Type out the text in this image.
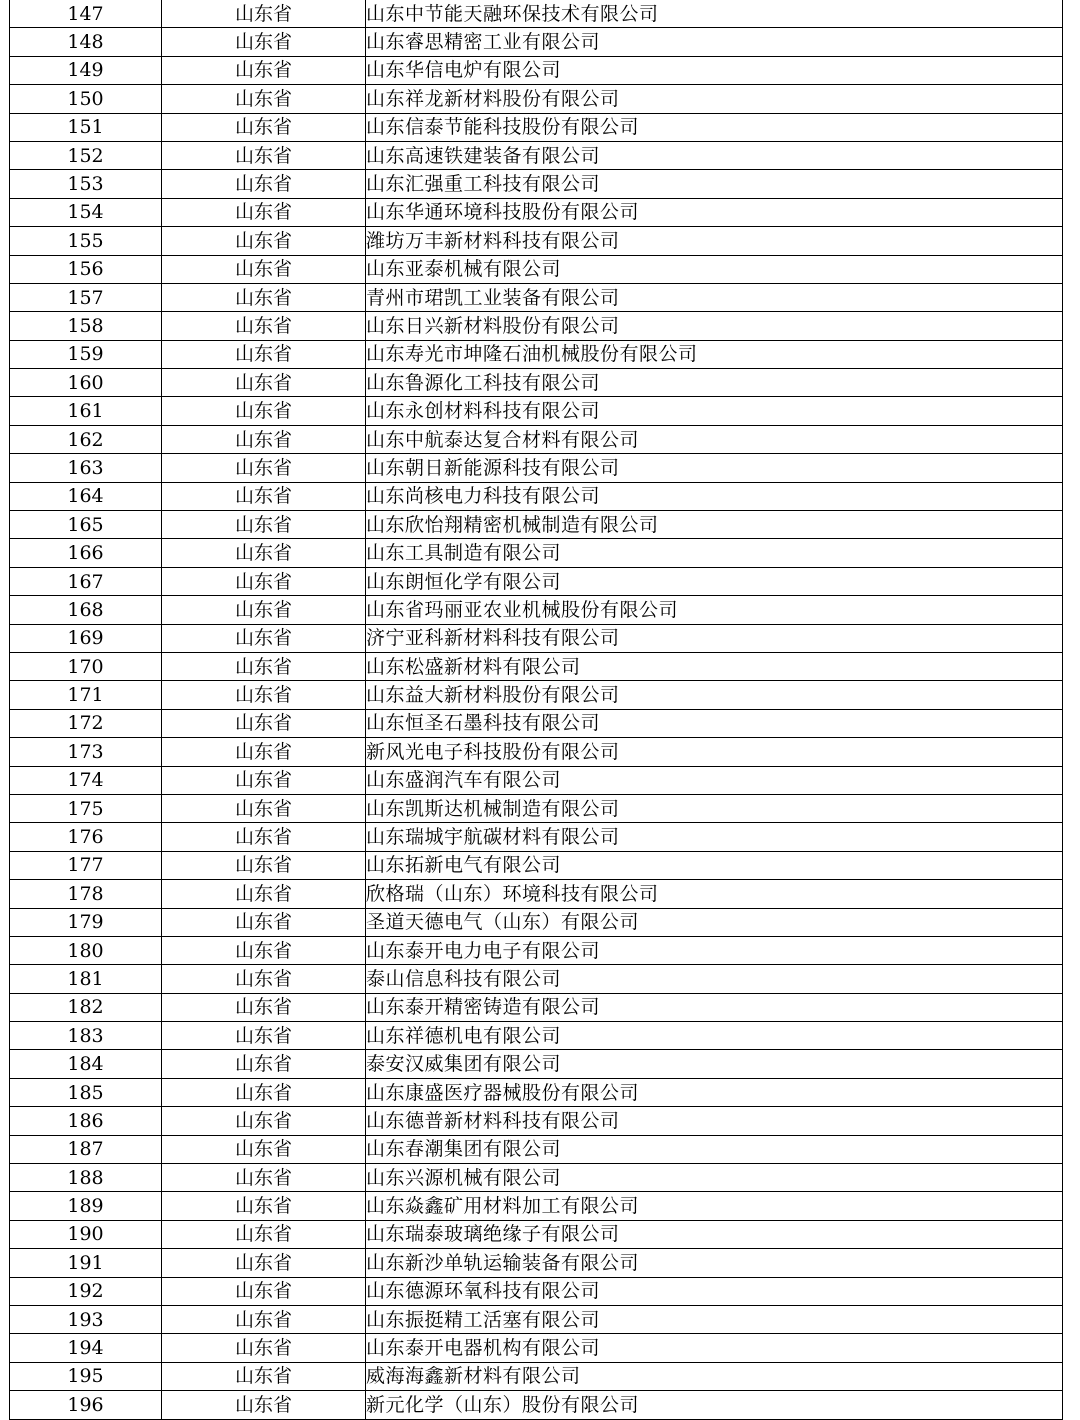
147	山东省	山东中节能天融环保技术有限公司
148	山东省	山东睿思精密工业有限公司
149	山东省	山东华信电炉有限公司
150	山东省	山东祥龙新材料股份有限公司
151	山东省	山东信泰节能科技股份有限公司
152	山东省	山东高速铁建装备有限公司
153	山东省	山东汇强重工科技有限公司
154	山东省	山东华通环境科技股份有限公司
155	山东省	潍坊万丰新材料科技有限公司
156	山东省	山东亚泰机械有限公司
157	山东省	青州市珺凯工业装备有限公司
158	山东省	山东日兴新材料股份有限公司
159	山东省	山东寿光市坤隆石油机械股份有限公司
160	山东省	山东鲁源化工科技有限公司
161	山东省	山东永创材料科技有限公司
162	山东省	山东中航泰达复合材料有限公司
163	山东省	山东朝日新能源科技有限公司
164	山东省	山东尚核电力科技有限公司
165	山东省	山东欣怡翔精密机械制造有限公司
166	山东省	山东工具制造有限公司
167	山东省	山东朗恒化学有限公司
168	山东省	山东省玛丽亚农业机械股份有限公司
169	山东省	济宁亚科新材料科技有限公司
170	山东省	山东松盛新材料有限公司
171	山东省	山东益大新材料股份有限公司
172	山东省	山东恒圣石墨科技有限公司
173	山东省	新风光电子科技股份有限公司
174	山东省	山东盛润汽车有限公司
175	山东省	山东凯斯达机械制造有限公司
176	山东省	山东瑞城宇航碳材料有限公司
177	山东省	山东拓新电气有限公司
178	山东省	欣格瑞（山东）环境科技有限公司
179	山东省	圣道天德电气（山东）有限公司
180	山东省	山东泰开电力电子有限公司
181	山东省	泰山信息科技有限公司
182	山东省	山东泰开精密铸造有限公司
183	山东省	山东祥德机电有限公司
184	山东省	泰安汉威集团有限公司
185	山东省	山东康盛医疗器械股份有限公司
186	山东省	山东德普新材料科技有限公司
187	山东省	山东春潮集团有限公司
188	山东省	山东兴源机械有限公司
189	山东省	山东焱鑫矿用材料加工有限公司
190	山东省	山东瑞泰玻璃绝缘子有限公司
191	山东省	山东新沙单轨运输装备有限公司
192	山东省	山东德源环氧科技有限公司
193	山东省	山东振挺精工活塞有限公司
194	山东省	山东泰开电器机构有限公司
195	山东省	威海海鑫新材料有限公司
196	山东省	新元化学（山东）股份有限公司
